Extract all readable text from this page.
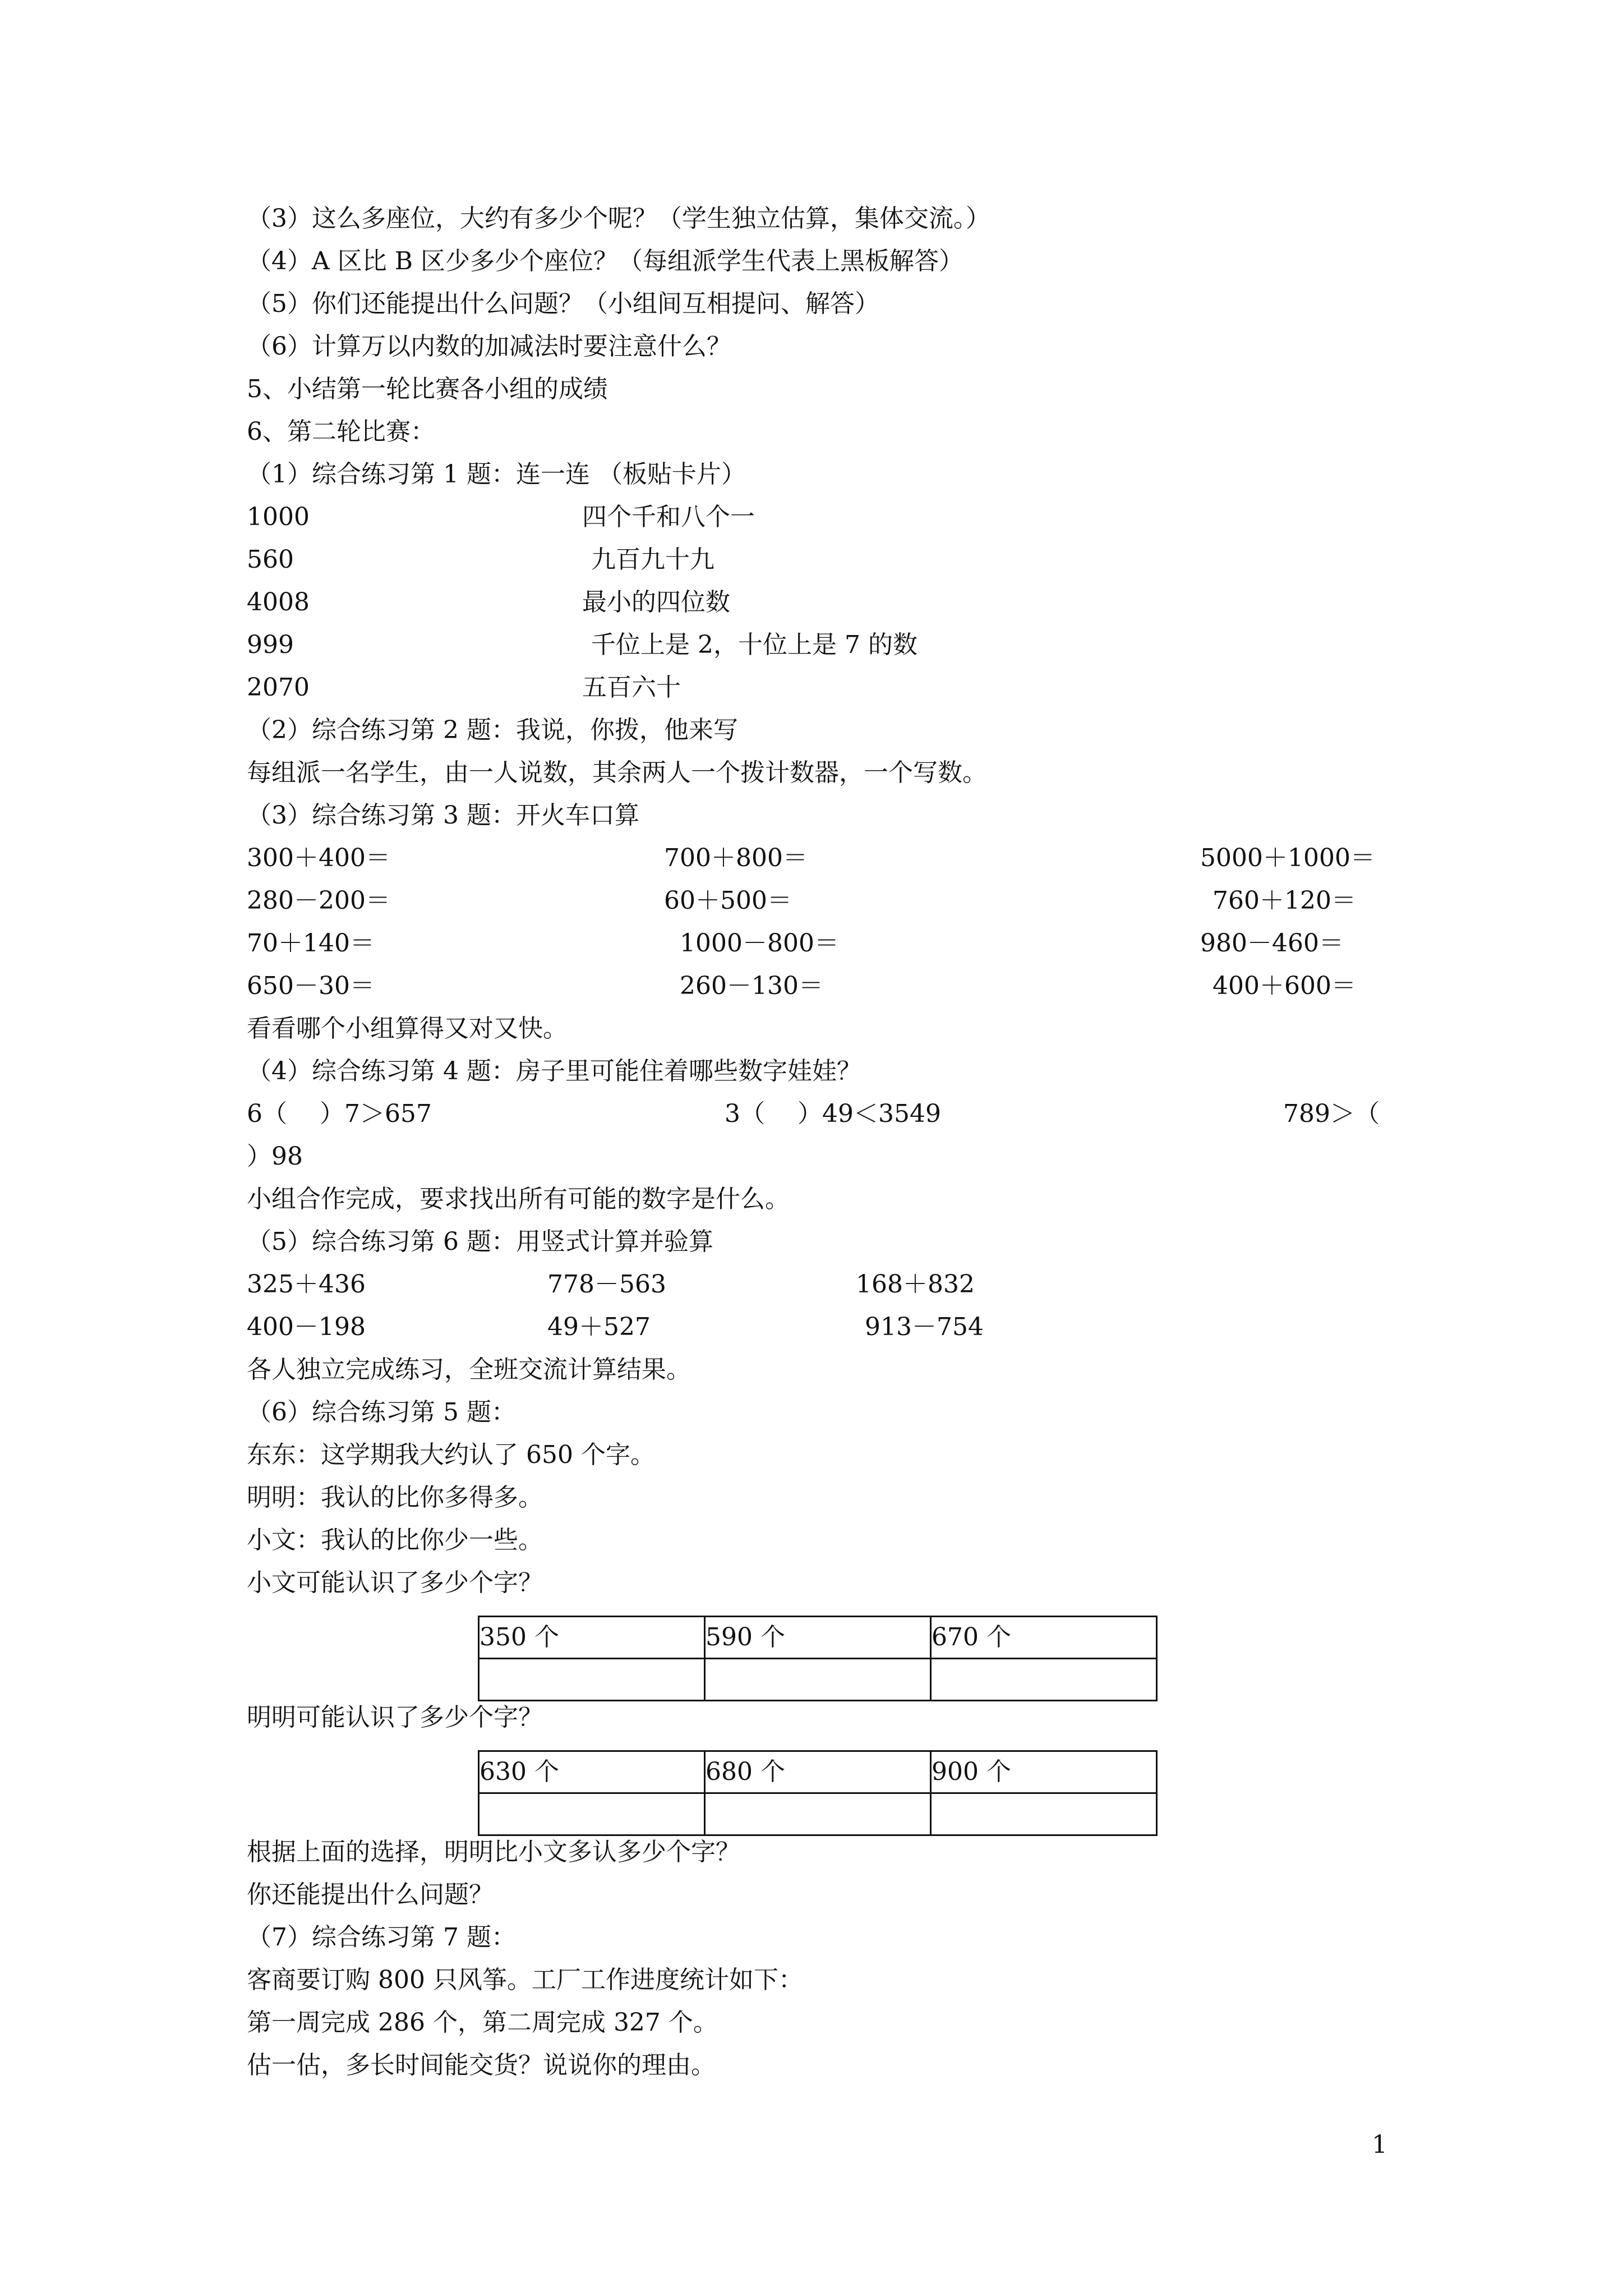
（3）这么多座位，大约有多少个呢？（学生独立估算，集体交流。）
（4）A 区比 B 区少多少个座位？（每组派学生代表上黑板解答）
（5）你们还能提出什么问题？（小组间互相提问、解答）
（6）计算万以内数的加减法时要注意什么？
5、小结第一轮比赛各小组的成绩
6、第二轮比赛：
（1）综合练习第 1 题：连一连 （板贴卡片）
1000	四个千和八个一
560	九百九十九
4008	最小的四位数
999	千位上是 2，十位上是 7 的数
2070	五百六十
（2）综合练习第 2 题：我说，你拨，他来写
每组派一名学生，由一人说数，其余两人一个拨计数器，一个写数。
（3）综合练习第 3 题：开火车口算
300＋400＝	700＋800＝	5000＋1000＝
280－200＝	60＋500＝	760＋120＝
70＋140＝	1000－800＝	980－460＝
650－30＝	260－130＝	400＋600＝
看看哪个小组算得又对又快。
（4）综合练习第 4 题：房子里可能住着哪些数字娃娃？
6（　 ）7＞657	3（　 ）49＜3549	789＞（
）98
小组合作完成，要求找出所有可能的数字是什么。
（5）综合练习第 6 题：用竖式计算并验算
325＋436	778－563	168＋832
400－198	49＋527	913－754
各人独立完成练习，全班交流计算结果。
（6）综合练习第 5 题：
东东：这学期我大约认了 650 个字。
明明：我认的比你多得多。
小文：我认的比你少一些。
小文可能认识了多少个字？
350 个	590 个	670 个

明明可能认识了多少个字？
630 个	680 个	900 个

根据上面的选择，明明比小文多认多少个字？
你还能提出什么问题？
（7）综合练习第 7 题：
客商要订购 800 只风筝。工厂工作进度统计如下：
第一周完成 286 个，第二周完成 327 个。
估一估，多长时间能交货？说说你的理由。
1
